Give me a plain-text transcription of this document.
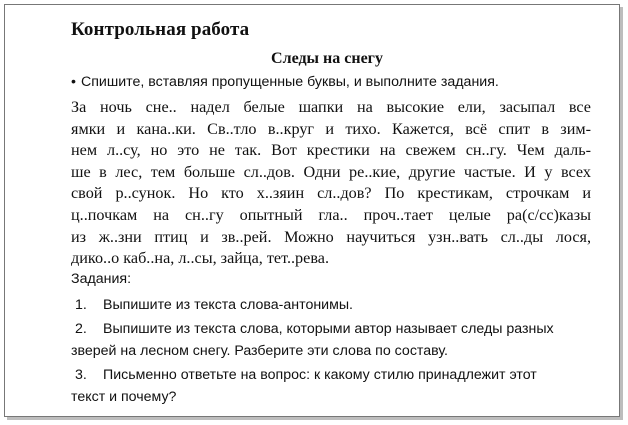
Контрольная работа
Следы на снегу
• Спишите, вставляя пропущенные буквы, и выполните задания.
За ночь сне.. надел белые шапки на высокие ели, засыпал все
ямки и кана..ки. Св..тло в..круг и тихо. Кажется, всё спит в зим-
нем л..су, но это не так. Вот крестики на свежем сн..гу. Чем даль-
ше в лес, тем больше сл..дов. Одни ре..кие, другие частые. И у всех
свой р..сунок. Но кто х..зяин сл..дов? По крестикам, строчкам и
ц..почкам на сн..гу опытный гла.. проч..тает целые ра(с/сс)казы
из ж..зни птиц и зв..рей. Можно научиться узн..вать сл..ды лося,
дико..о каб..на, л..сы, зайца, тет..рева.
Задания:
1. Выпишите из текста слова-антонимы.
2. Выпишите из текста слова, которыми автор называет следы разных
зверей на лесном снегу. Разберите эти слова по составу.
3. Письменно ответьте на вопрос: к какому стилю принадлежит этот
текст и почему?
